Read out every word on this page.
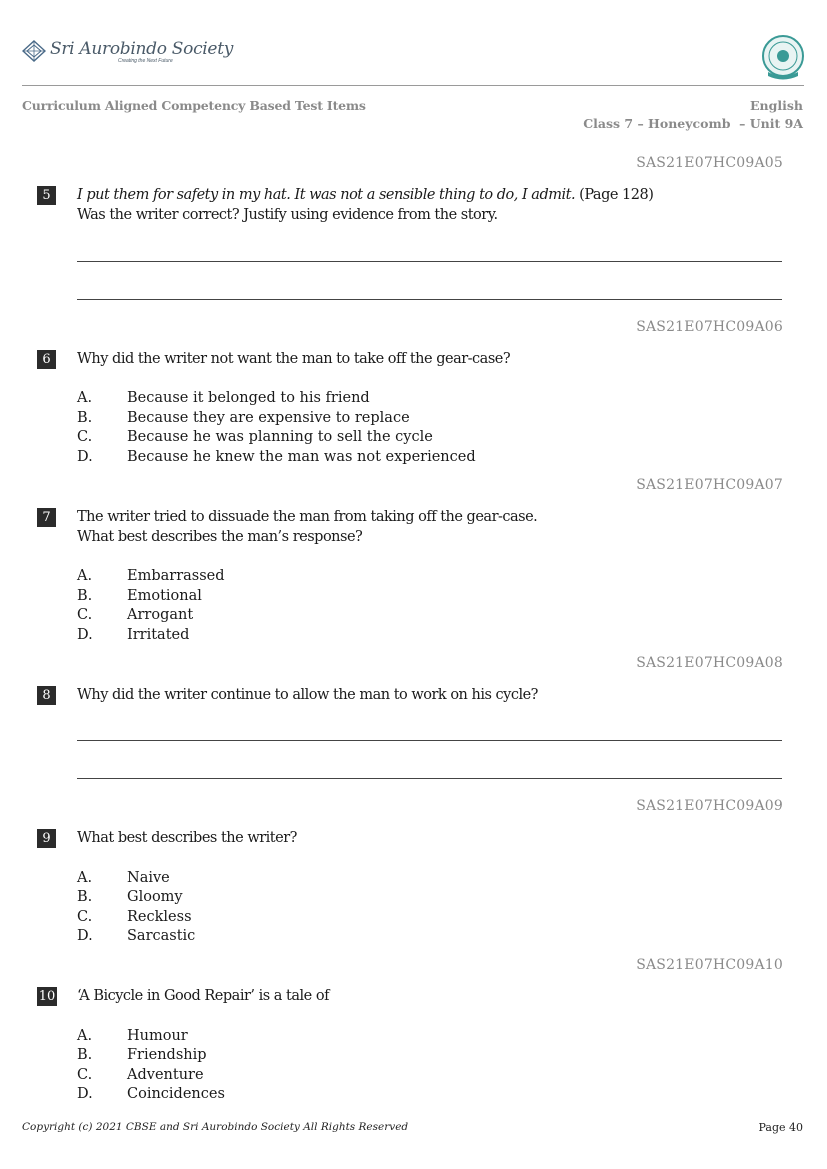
Sri Aurobindo Society
Creating the Next Future
Curriculum Aligned Competency Based Test Items	English
Class 7 – Honeycomb  – Unit 9A
SAS21E07HC09A05
5	I put them for safety in my hat. It was not a sensible thing to do, I admit. (Page 128)
Was the writer correct? Justify using evidence from the story.
SAS21E07HC09A06
6	Why did the writer not want the man to take off the gear-case?
A. Because it belonged to his friend
B. Because they are expensive to replace
C. Because he was planning to sell the cycle
D. Because he knew the man was not experienced
SAS21E07HC09A07
7	The writer tried to dissuade the man from taking off the gear-case.
What best describes the man’s response?
A. Embarrassed
B. Emotional
C. Arrogant
D. Irritated
SAS21E07HC09A08
8	Why did the writer continue to allow the man to work on his cycle?
SAS21E07HC09A09
9	What best describes the writer?
A. Naive
B. Gloomy
C. Reckless
D. Sarcastic
SAS21E07HC09A10
10 ‘A Bicycle in Good Repair’ is a tale of
A. Humour
B. Friendship
C. Adventure
D. Coincidences
Copyright (c) 2021 CBSE and Sri Aurobindo Society All Rights Reserved	Page 40
